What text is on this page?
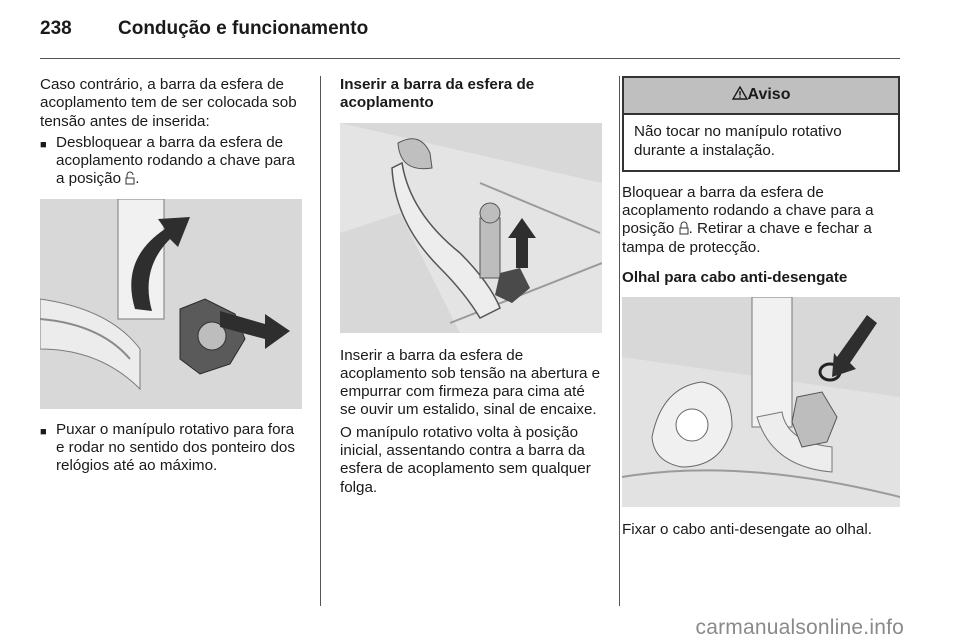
238 Condução e funcionamento

Caso contrário, a barra da esfera de acoplamento tem de ser colocada sob tensão antes de inserida:

■ Desbloquear a barra da esfera de acoplamento rodando a chave para a posição .
■ Puxar o manípulo rotativo para fora e rodar no sentido dos ponteiro dos relógios até ao máximo.

Inserir a barra da esfera de acoplamento

Inserir a barra da esfera de acoplamento sob tensão na abertura e empurrar com firmeza para cima até se ouvir um estalido, sinal de encaixe.

O manípulo rotativo volta à posição inicial, assentando contra a barra da esfera de acoplamento sem qualquer folga.

Aviso
Não tocar no manípulo rotativo durante a instalação.

Bloquear a barra da esfera de acoplamento rodando a chave para a posição . Retirar a chave e fechar a tampa de protecção.

Olhal para cabo anti-desengate

Fixar o cabo anti-desengate ao olhal.

carmanualsonline.info
